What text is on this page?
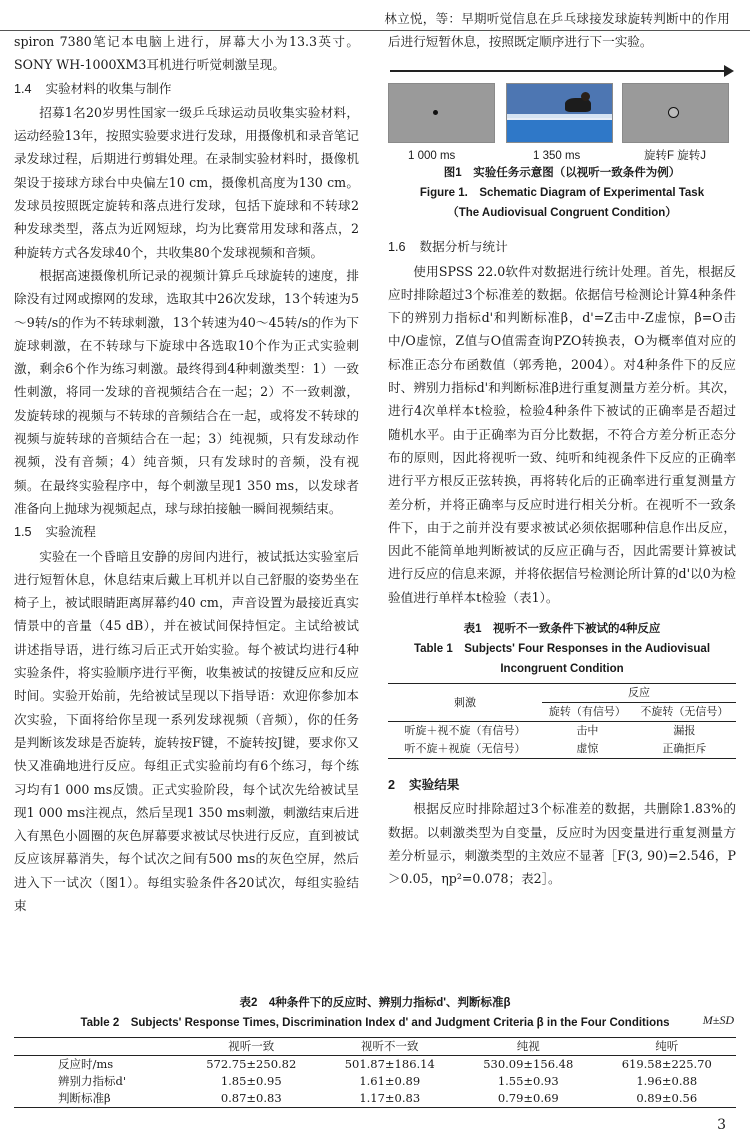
林立悦，等：早期听觉信息在乒乓球接发球旋转判断中的作用

spiron 7380笔记本电脑上进行，屏幕大小为13.3英寸。SONY WH-1000XM3耳机进行听觉刺激呈现。

1.4 实验材料的收集与制作

招募1名20岁男性国家一级乒乓球运动员收集实验材料，运动经验13年，按照实验要求进行发球，用摄像机和录音笔记录发球过程，后期进行剪辑处理。在录制实验材料时，摄像机架设于接球方球台中央偏左10 cm，摄像机高度为130 cm。发球员按照既定旋转和落点进行发球，包括下旋球和不转球2种发球类型，落点为近网短球，均为比赛常用发球和落点，2种旋转方式各发球40个，共收集80个发球视频和音频。

根据高速摄像机所记录的视频计算乒乓球旋转的速度，排除没有过网或擦网的发球，选取其中26次发球，13个转速为5～9转/s的作为不转球刺激，13个转速为40～45转/s的作为下旋球刺激，在不转球与下旋球中各选取10个作为正式实验刺激，剩余6个作为练习刺激。最终得到4种刺激类型：1）一致性刺激，将同一发球的音视频结合在一起；2）不一致刺激，发旋转球的视频与不转球的音频结合在一起，或将发不转球的视频与旋转球的音频结合在一起；3）纯视频，只有发球动作视频，没有音频；4）纯音频，只有发球时的音频，没有视频。在最终实验程序中，每个刺激呈现1 350 ms，以发球者准备向上抛球为视频起点，球与球拍接触一瞬间视频结束。

1.5 实验流程

实验在一个昏暗且安静的房间内进行，被试抵达实验室后进行短暂休息，休息结束后戴上耳机并以自己舒服的姿势坐在椅子上，被试眼睛距离屏幕约40 cm，声音设置为最接近真实情景中的音量（45 dB），并在被试间保持恒定。主试给被试讲述指导语，进行练习后正式开始实验。每个被试均进行4种实验条件，将实验顺序进行平衡，收集被试的按键反应和反应时间。实验开始前，先给被试呈现以下指导语：欢迎你参加本次实验，下面将给你呈现一系列发球视频（音频），你的任务是判断该发球是否旋转，旋转按F键，不旋转按J键，要求你又快又准确地进行反应。每组正式实验前均有6个练习，每个练习均有1 000 ms反馈。正式实验阶段，每个试次先给被试呈现1 000 ms注视点，然后呈现1 350 ms刺激，刺激结束后进入有黑色小圆圈的灰色屏幕要求被试尽快进行反应，直到被试反应该屏幕消失，每个试次之间有500 ms的灰色空屏，然后进入下一试次（图1）。每组实验条件各20试次，每组实验结束

后进行短暂休息，按照既定顺序进行下一实验。

1 000 ms	1 350 ms	旋转F 旋转J
图1　实验任务示意图（以视听一致条件为例）
Figure 1.　Schematic Diagram of Experimental Task
（The Audiovisual Congruent Condition）
1.6 数据分析与统计

使用SPSS 22.0软件对数据进行统计处理。首先，根据反应时排除超过3个标准差的数据。依据信号检测论计算4种条件下的辨别力指标d'和判断标准β，d'=Z击中-Z虚惊，β=O击中/O虚惊，Z值与O值需查询PZO转换表，O为概率值对应的标准正态分布函数值（郭秀艳，2004）。对4种条件下的反应时、辨别力指标d'和判断标准β进行重复测量方差分析。其次，进行4次单样本t检验，检验4种条件下被试的正确率是否超过随机水平。由于正确率为百分比数据，不符合方差分析正态分布的原则，因此将视听一致、纯听和纯视条件下反应的正确率进行平方根反正弦转换，再将转化后的正确率进行重复测量方差分析，并将正确率与反应时进行相关分析。在视听不一致条件下，由于之前并没有要求被试必须依据哪种信息作出反应，因此不能简单地判断被试的反应正确与否，因此需要计算被试进行反应的信息来源，并将依据信号检测论所计算的d'以0为检验值进行单样本t检验（表1）。

表1　视听不一致条件下被试的4种反应
Table 1　Subjects' Four Responses in the Audiovisual
Incongruent Condition
刺激	反应	
	旋转（有信号）	不旋转（无信号）
听旋＋视不旋（有信号）	击中	漏报
听不旋＋视旋（无信号）	虚惊	正确拒斥
2 实验结果

根据反应时排除超过3个标准差的数据，共删除1.83%的数据。以刺激类型为自变量，反应时为因变量进行重复测量方差分析显示，刺激类型的主效应不显著［F(3, 90)=2.546，P＞0.05，ηp²=0.078；表2］。

表2　4种条件下的反应时、辨别力指标d'、判断标准β
Table 2　Subjects' Response Times, Discrimination Index d' and Judgment Criteria β in the Four Conditions	M±SD
	视听一致	视听不一致	纯视	纯听
反应时/ms	572.75±250.82	501.87±186.14	530.09±156.48	619.58±225.70
辨别力指标d'	1.85±0.95	1.61±0.89	1.55±0.93	1.96±0.88
判断标准β	0.87±0.83	1.17±0.83	0.79±0.69	0.89±0.56
3
